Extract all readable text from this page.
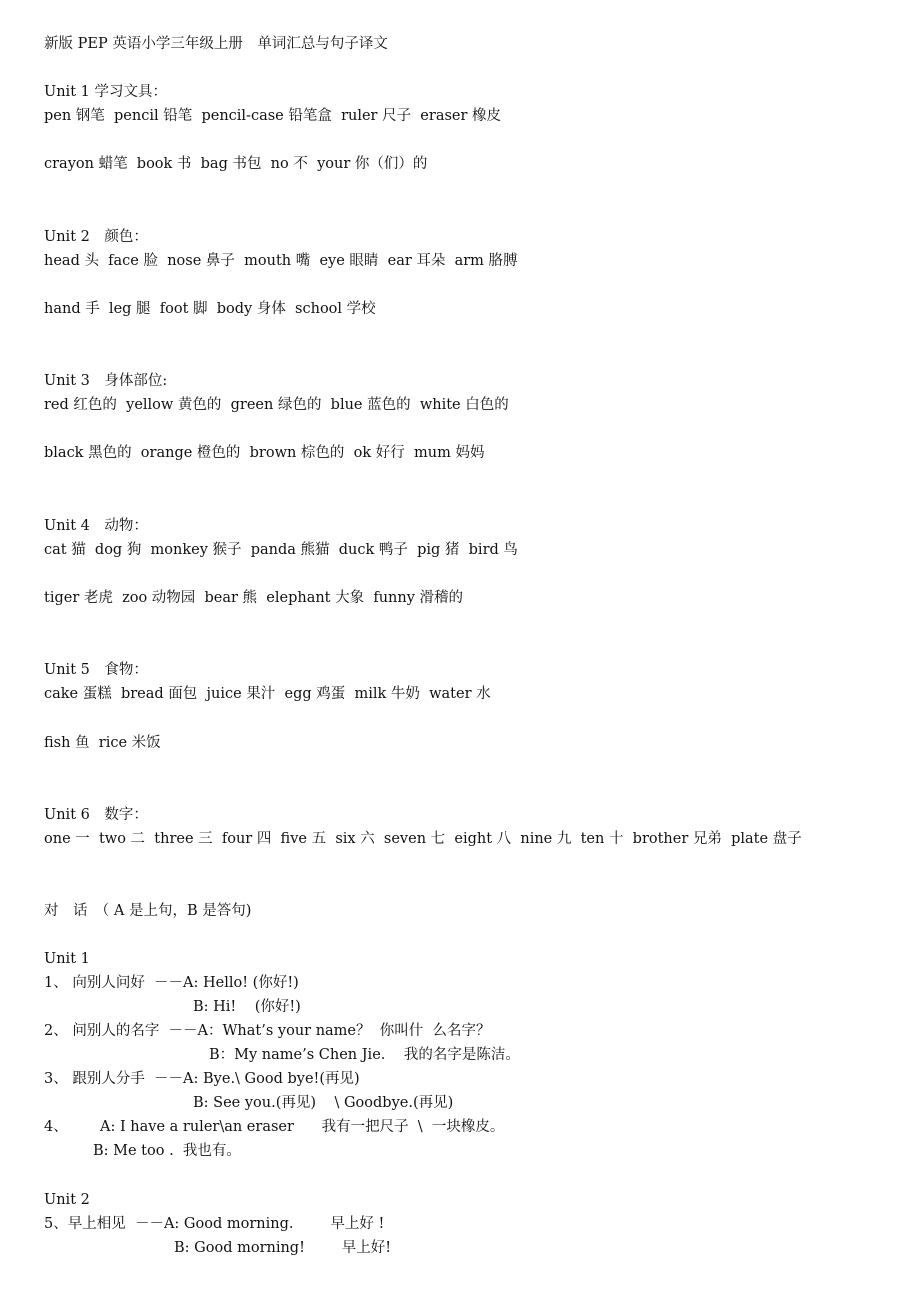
新版 PEP 英语小学三年级上册　单词汇总与句子译文
Unit 1 学习文具：
pen 钢笔  pencil 铅笔  pencil-case 铅笔盒  ruler 尺子  eraser 橡皮
crayon 蜡笔  book 书  bag 书包  no 不  your 你（们）的
Unit 2　颜色：
head 头  face 脸  nose 鼻子  mouth 嘴  eye 眼睛  ear 耳朵  arm 胳膊
hand 手  leg 腿  foot 脚  body 身体  school 学校
Unit 3　身体部位:
red 红色的  yellow 黄色的  green 绿色的  blue 蓝色的  white 白色的
black 黑色的  orange 橙色的  brown 棕色的  ok 好行  mum 妈妈
Unit 4　动物：
cat 猫  dog 狗  monkey 猴子  panda 熊猫  duck 鸭子  pig 猪  bird 鸟
tiger 老虎  zoo 动物园  bear 熊  elephant 大象  funny 滑稽的
Unit 5　食物：
cake 蛋糕  bread 面包  juice 果汁  egg 鸡蛋  milk 牛奶  water 水
fish 鱼  rice 米饭
Unit 6　数字：
one 一  two 二  three 三  four 四  five 五  six 六  seven 七  eight 八  nine 九  ten 十  brother 兄弟  plate 盘子
对　话　（ A 是上句，B 是答句)
Unit 1
1、 向别人问好  －－A: Hello! (你好!)
B: Hi!    (你好!)
2、 问别人的名字  －－A：What’s your name？  你叫什  么名字？
B：My name’s Chen Jie.    我的名字是陈洁。
3、 跟别人分手  －－A: Bye.\ Good bye!(再见)
B: See you.(再见)    \ Goodbye.(再见)
4、       A: I have a ruler\an eraser      我有一把尺子  \  一块橡皮。
B: Me too .  我也有。
Unit 2
5、早上相见  －－A: Good morning.        早上好 !
B: Good morning!        早上好!
